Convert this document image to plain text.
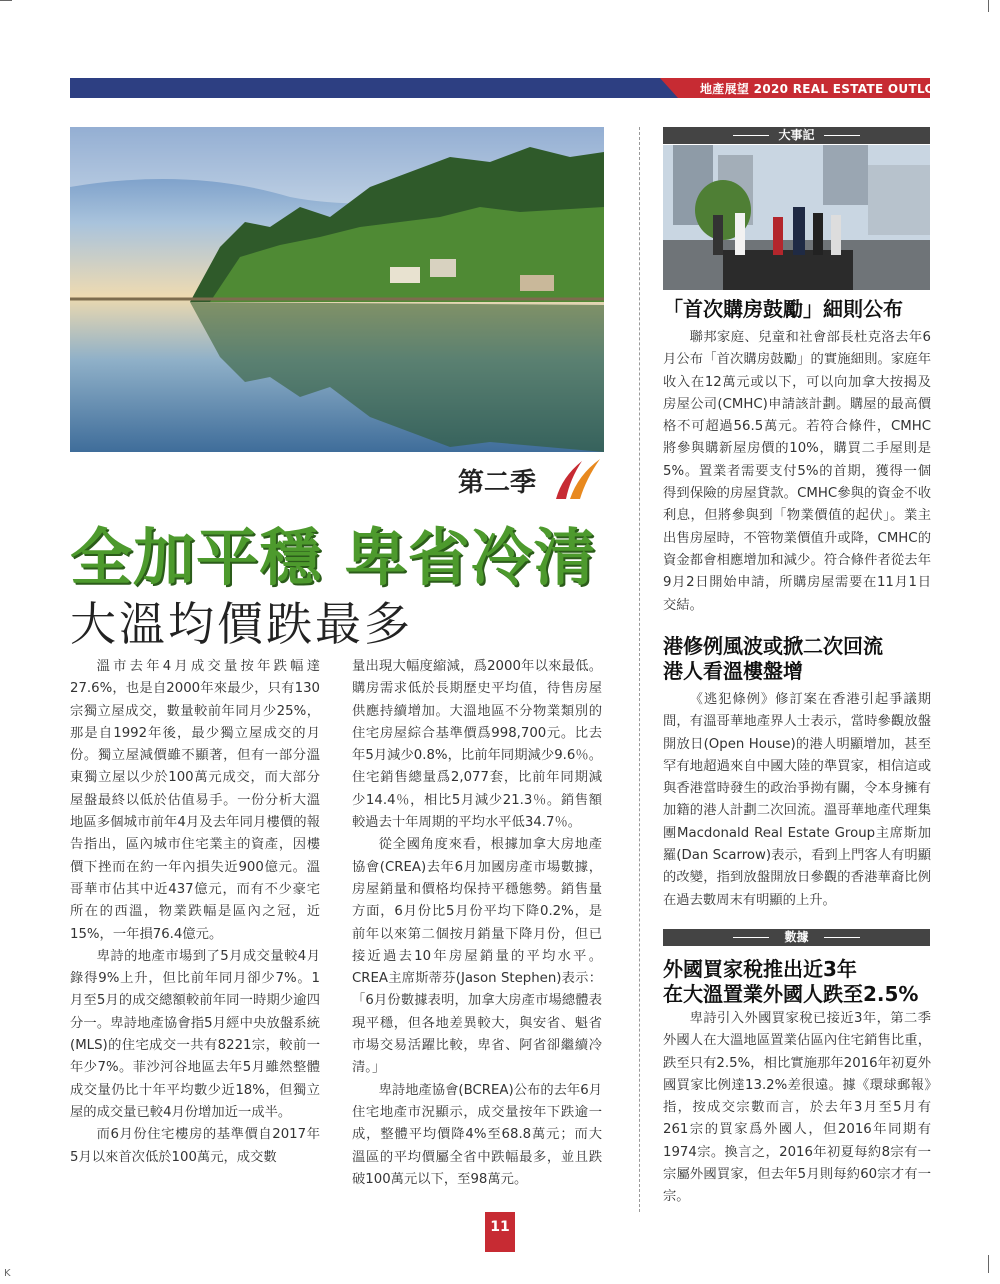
地產展望 2020 REAL ESTATE OUTLOOK
第二季
全加平穩 卑省冷清
大溫均價跌最多

溫市去年4月成交量按年跌幅達27.6%，也是自2000年來最少，只有130宗獨立屋成交，數量較前年同月少25%，那是自1992年後，最少獨立屋成交的月份。獨立屋減價雖不顯著，但有一部分溫東獨立屋以少於100萬元成交，而大部分屋盤最終以低於估值易手。一份分析大溫地區多個城市前年4月及去年同月樓價的報告指出，區內城市住宅業主的資產，因樓價下挫而在約一年內損失近900億元。溫哥華市佔其中近437億元，而有不少豪宅所在的西溫，物業跌幅是區內之冠，近15%，一年損76.4億元。

卑詩的地產市場到了5月成交量較4月錄得9%上升，但比前年同月卻少7%。1月至5月的成交總額較前年同一時期少逾四分一。卑詩地產協會指5月經中央放盤系統(MLS)的住宅成交一共有8221宗，較前一年少7%。菲沙河谷地區去年5月雖然整體成交量仍比十年平均數少近18%，但獨立屋的成交量已較4月份增加近一成半。

而6月份住宅樓房的基準價自2017年5月以來首次低於100萬元，成交數

量出現大幅度縮減，爲2000年以來最低。購房需求低於長期歷史平均值，待售房屋供應持續增加。大溫地區不分物業類別的住宅房屋綜合基準價爲998,700元。比去年5月減少0.8%，比前年同期減少9.6％。住宅銷售總量爲2,077套，比前年同期減少14.4％，相比5月減少21.3％。銷售額較過去十年周期的平均水平低34.7％。

從全國角度來看，根據加拿大房地產協會(CREA)去年6月加國房產市場數據，房屋銷量和價格均保持平穩態勢。銷售量方面，6月份比5月份平均下降0.2%，是前年以來第二個按月銷量下降月份，但已接近過去10年房屋銷量的平均水平。CREA主席斯蒂芬(Jason Stephen)表示：「6月份數據表明，加拿大房產市場總體表現平穩，但各地差異較大，與安省、魁省市場交易活躍比較，卑省、阿省卻繼續冷清。」

卑詩地產協會(BCREA)公布的去年6月住宅地產市況顯示，成交量按年下跌逾一成，整體平均價降4%至68.8萬元；而大溫區的平均價屬全省中跌幅最多，並且跌破100萬元以下，至98萬元。

大事記
「首次購房鼓勵」細則公布

聯邦家庭、兒童和社會部長杜克洛去年6月公布「首次購房鼓勵」的實施細則。家庭年收入在12萬元或以下，可以向加拿大按揭及房屋公司(CMHC)申請該計劃。購屋的最高價格不可超過56.5萬元。若符合條件，CMHC將參與購新屋房價的10%，購買二手屋則是5%。置業者需要支付5%的首期，獲得一個得到保險的房屋貸款。CMHC參與的資金不收利息，但將參與到「物業價值的起伏」。業主出售房屋時，不管物業價值升或降，CMHC的資金都會相應增加和減少。符合條件者從去年9月2日開始申請，所購房屋需要在11月1日交結。

港修例風波或掀二次回流
港人看溫樓盤增

《逃犯條例》修訂案在香港引起爭議期間，有溫哥華地產界人士表示，當時參觀放盤開放日(Open House)的港人明顯增加，甚至罕有地超過來自中國大陸的準買家，相信這或與香港當時發生的政治爭拗有關，令本身擁有加籍的港人計劃二次回流。溫哥華地產代理集團Macdonald Real Estate Group主席斯加羅(Dan Scarrow)表示，看到上門客人有明顯的改變，指到放盤開放日參觀的香港華裔比例在過去數周末有明顯的上升。

數據
外國買家稅推出近3年
在大溫置業外國人跌至2.5%

卑詩引入外國買家稅已接近3年，第二季外國人在大溫地區置業佔區內住宅銷售比重，跌至只有2.5%，相比實施那年2016年初夏外國買家比例達13.2%差很遠。據《環球郵報》指，按成交宗數而言，於去年3月至5月有261宗的買家爲外國人，但2016年同期有1974宗。換言之，2016年初夏每約8宗有一宗屬外國買家，但去年5月則每約60宗才有一宗。

11
K
